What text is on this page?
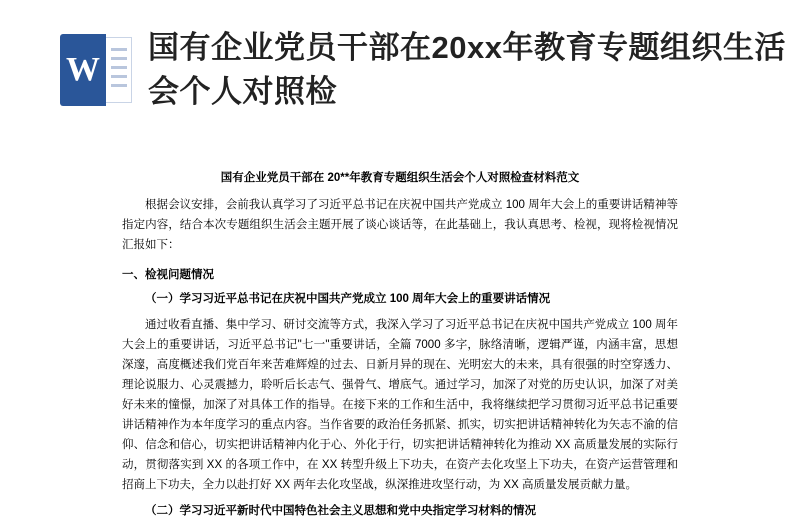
W
国有企业党员干部在20xx年教育专题组织生活会个人对照检
国有企业党员干部在 20**年教育专题组织生活会个人对照检查材料范文

根据会议安排，会前我认真学习了习近平总书记在庆祝中国共产党成立 100 周年大会上的重要讲话精神等指定内容，结合本次专题组织生活会主题开展了谈心谈话等，在此基础上，我认真思考、检视，现将检视情况汇报如下：

一、检视问题情况

（一）学习习近平总书记在庆祝中国共产党成立 100 周年大会上的重要讲话情况

通过收看直播、集中学习、研讨交流等方式，我深入学习了习近平总书记在庆祝中国共产党成立 100 周年大会上的重要讲话，习近平总书记"七一"重要讲话，全篇 7000 多字，脉络清晰，逻辑严谨，内涵丰富，思想深邃，高度概述我们党百年来苦难辉煌的过去、日新月异的现在、光明宏大的未来，具有很强的时空穿透力、理论说服力、心灵震撼力，聆听后长志气、强骨气、增底气。通过学习，加深了对党的历史认识，加深了对美好未来的憧憬，加深了对具体工作的指导。在接下来的工作和生活中，我将继续把学习贯彻习近平总书记重要讲话精神作为本年度学习的重点内容。当作省要的政治任务抓紧、抓实，切实把讲话精神转化为矢志不渝的信仰、信念和信心，切实把讲话精神内化于心、外化于行，切实把讲话精神转化为推动 XX 高质量发展的实际行动，贯彻落实到 XX 的各项工作中，在 XX 转型升级上下功夫，在资产去化攻坚上下功夫，在资产运营管理和招商上下功夫，全力以赴打好 XX 两年去化攻坚战，纵深推进攻坚行动，为 XX 高质量发展贡献力量。

（二）学习习近平新时代中国特色社会主义思想和党中央指定学习材料的情况
